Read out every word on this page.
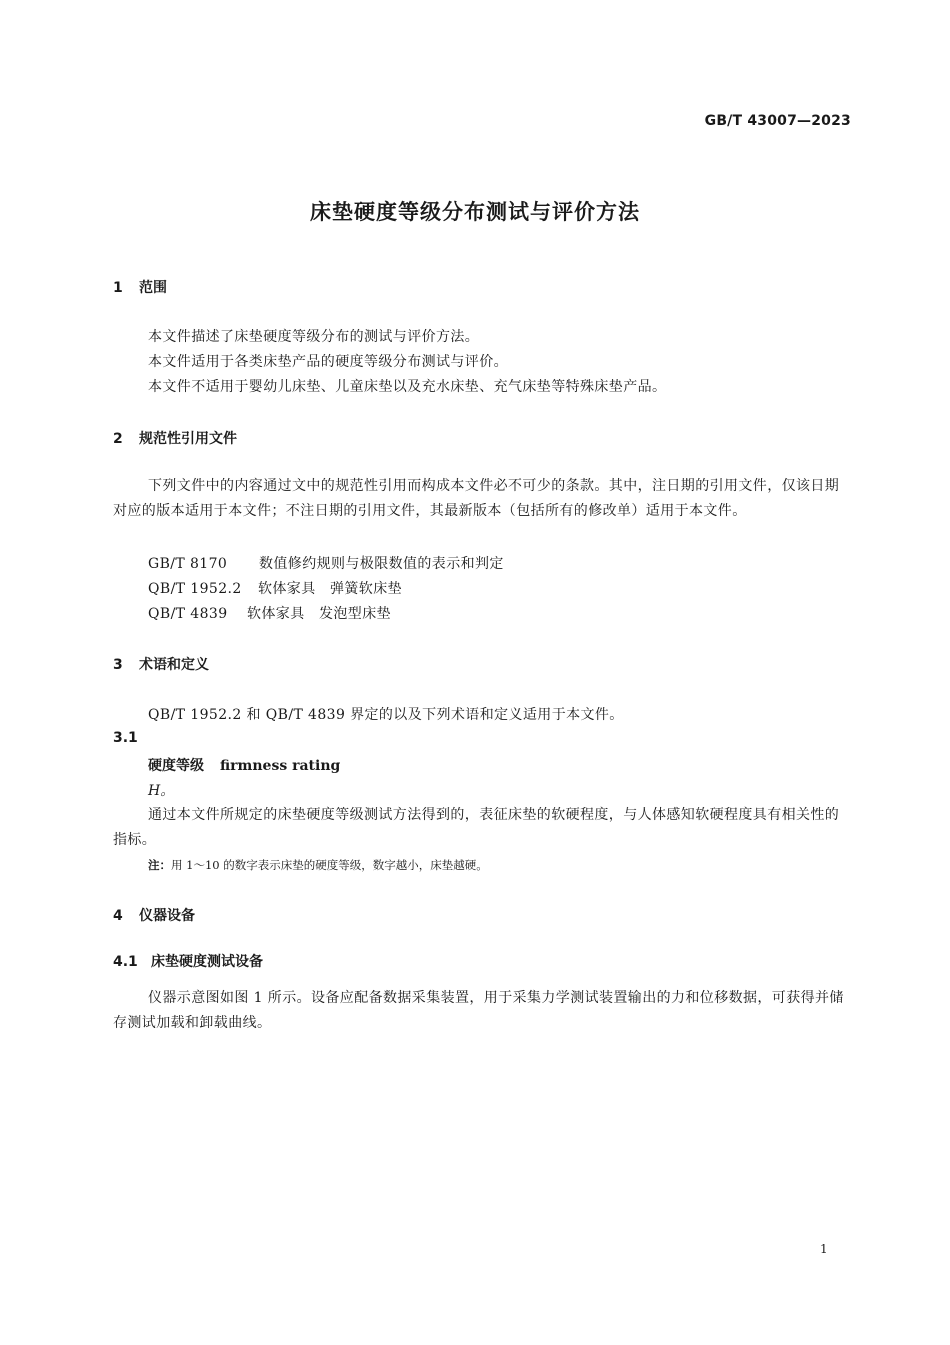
GB/T 43007—2023
床垫硬度等级分布测试与评价方法
1 范围
本文件描述了床垫硬度等级分布的测试与评价方法。
本文件适用于各类床垫产品的硬度等级分布测试与评价。
本文件不适用于婴幼儿床垫、儿童床垫以及充水床垫、充气床垫等特殊床垫产品。
2 规范性引用文件
下列文件中的内容通过文中的规范性引用而构成本文件必不可少的条款。其中，注日期的引用文件，仅该日期对应的版本适用于本文件；不注日期的引用文件，其最新版本（包括所有的修改单）适用于本文件。
GB/T 8170 数值修约规则与极限数值的表示和判定
QB/T 1952.2 软体家具　弹簧软床垫
QB/T 4839 软体家具　发泡型床垫
3 术语和定义
QB/T 1952.2 和 QB/T 4839 界定的以及下列术语和定义适用于本文件。
3.1
硬度等级 firmness rating
H。
通过本文件所规定的床垫硬度等级测试方法得到的，表征床垫的软硬程度，与人体感知软硬程度具有相关性的指标。
注：用 1～10 的数字表示床垫的硬度等级，数字越小，床垫越硬。
4 仪器设备
4.1 床垫硬度测试设备
仪器示意图如图 1 所示。设备应配备数据采集装置，用于采集力学测试装置输出的力和位移数据，可获得并储存测试加载和卸载曲线。
1
